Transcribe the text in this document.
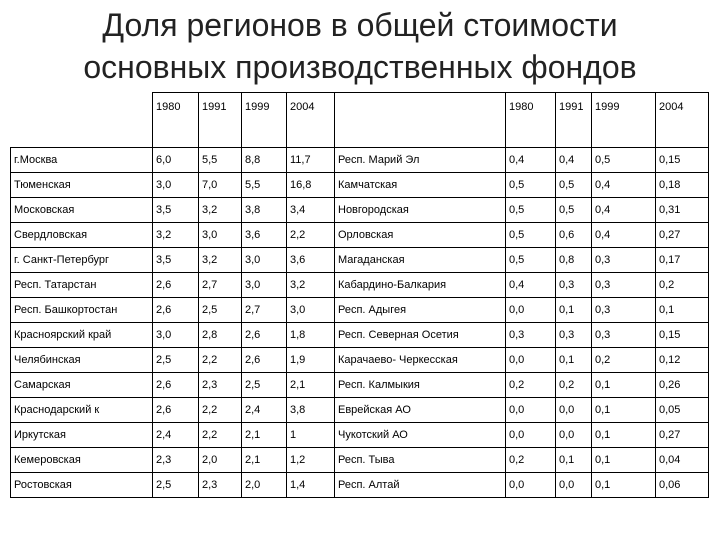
Доля регионов в общей стоимости
основных производственных фондов

	1980	1991	1999	2004		1980	1991	1999	2004
г.Москва	6,0	5,5	8,8	11,7	Респ. Марий Эл	0,4	0,4	0,5	0,15
Тюменская	3,0	7,0	5,5	16,8	Камчатская	0,5	0,5	0,4	0,18
Московская	3,5	3,2	3,8	3,4	Новгородская	0,5	0,5	0,4	0,31
Свердловская	3,2	3,0	3,6	2,2	Орловская	0,5	0,6	0,4	0,27
г. Санкт-Петербург	3,5	3,2	3,0	3,6	Магаданская	0,5	0,8	0,3	0,17
Респ. Татарстан	2,6	2,7	3,0	3,2	Кабардино-Балкария	0,4	0,3	0,3	0,2
Респ. Башкортостан	2,6	2,5	2,7	3,0	Респ. Адыгея	0,0	0,1	0,3	0,1
Красноярский край	3,0	2,8	2,6	1,8	Респ. Северная Осетия	0,3	0,3	0,3	0,15
Челябинская	2,5	2,2	2,6	1,9	Карачаево- Черкесская	0,0	0,1	0,2	0,12
Самарская	2,6	2,3	2,5	2,1	Респ. Калмыкия	0,2	0,2	0,1	0,26
Краснодарский к	2,6	2,2	2,4	3,8	Еврейская АО	0,0	0,0	0,1	0,05
Иркутская	2,4	2,2	2,1	1	Чукотский АО	0,0	0,0	0,1	0,27
Кемеровская	2,3	2,0	2,1	1,2	Респ. Тыва	0,2	0,1	0,1	0,04
Ростовская	2,5	2,3	2,0	1,4	Респ. Алтай	0,0	0,0	0,1	0,06
